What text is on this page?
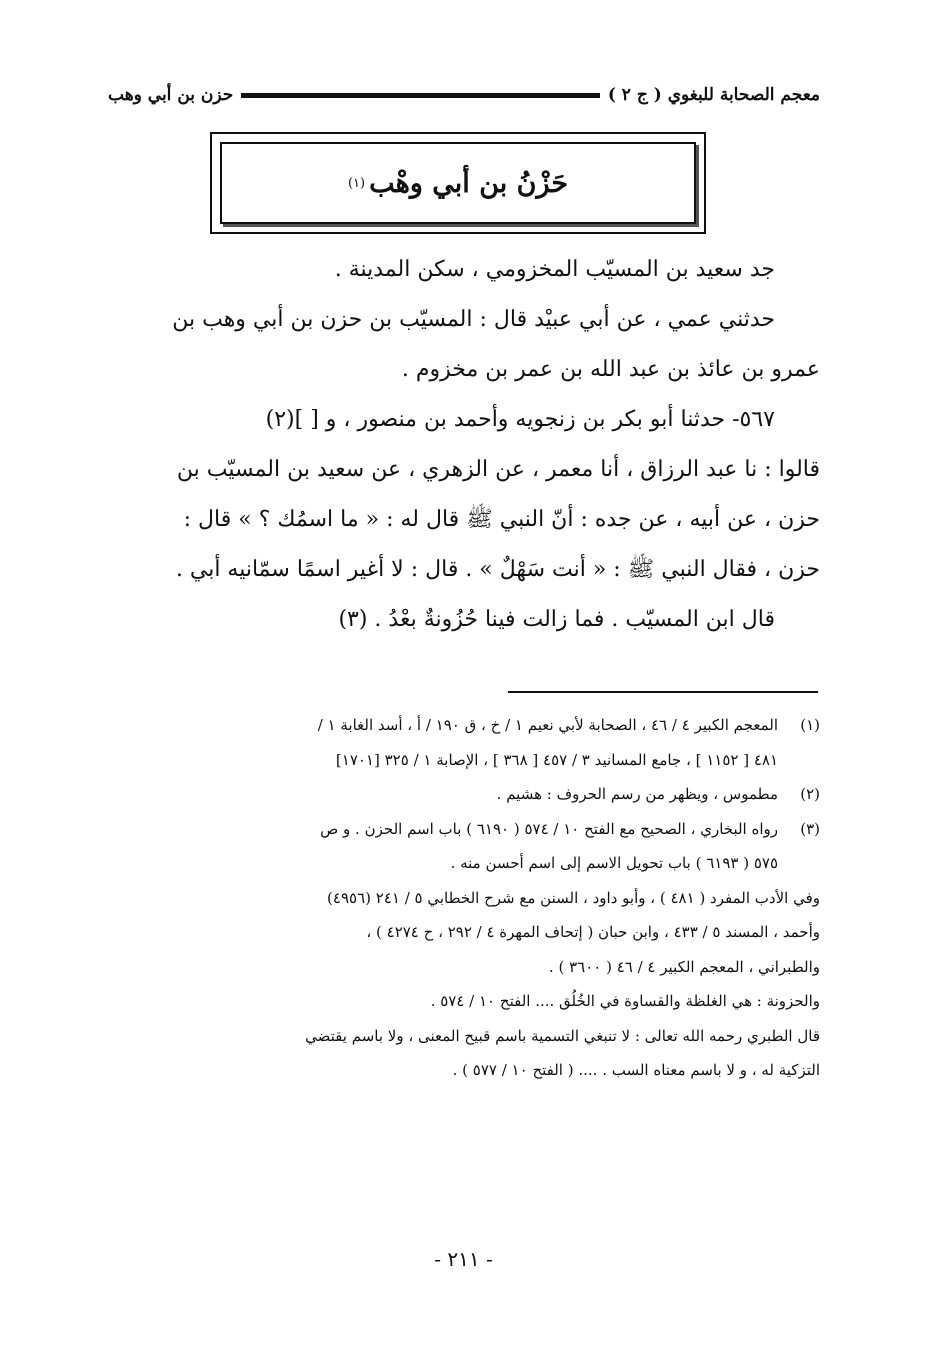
معجم الصحابة للبغوي ( ج ٢ )
حزن بن أبي وهب
حَزْنُ بن أبي وهْب
(١)
جد سعيد بن المسيّب المخزومي ، سكن المدينة .
حدثني عمي ، عن أبي عبيْد قال : المسيّب بن حزن بن أبي وهب بن
عمرو بن عائذ بن عبد الله بن عمر بن مخزوم .
٥٦٧- حدثنا أبو بكر بن زنجويه وأحمد بن منصور ، و [ ](٢)
قالوا : نا عبد الرزاق ، أنا معمر ، عن الزهري ، عن سعيد بن المسيّب بن
حزن ، عن أبيه ، عن جده : أنّ النبي ﷺ قال له : « ما اسمُك ؟ » قال :
حزن ، فقال النبي ﷺ : « أنت سَهْلٌ » . قال : لا أغير اسمًا سمّانيه أبي .
قال ابن المسيّب . فما زالت فينا حُزُونةٌ بعْدُ . (٣)
(١)المعجم الكبير ٤ / ٤٦ ، الصحابة لأبي نعيم ١ / خ ، ق ١٩٠ / أ ، أسد الغابة ١ /
٤٨١ [ ١١٥٢ ] ، جامع المسانيد ٣ / ٤٥٧ [ ٣٦٨ ] ، الإصابة ١ / ٣٢٥ [١٧٠١]
(٢)مطموس ، ويظهر من رسم الحروف : هشيم .
(٣)رواه البخاري ، الصحيح مع الفتح ١٠ / ٥٧٤ ( ٦١٩٠ ) باب اسم الحزن . و ص
٥٧٥ ( ٦١٩٣ ) باب تحويل الاسم إلى اسم أحسن منه .
وفي الأدب المفرد ( ٤٨١ ) ، وأبو داود ، السنن مع شرح الخطابي ٥ / ٢٤١ (٤٩٥٦)
وأحمد ، المسند ٥ / ٤٣٣ ، وابن حبان ( إتحاف المهرة ٤ / ٢٩٢ ، ح ٤٢٧٤ ) ،
والطبراني ، المعجم الكبير ٤ / ٤٦ ( ٣٦٠٠ ) .
والحزونة : هي الغلظة والقساوة في الخُلُق .... الفتح ١٠ / ٥٧٤ .
قال الطبري رحمه الله تعالى : لا تنبغي التسمية باسم قبيح المعنى ، ولا باسم يقتضي
التزكية له ، و لا باسم معناه السب . .... ( الفتح ١٠ / ٥٧٧ ) .
- ٢١١ -
